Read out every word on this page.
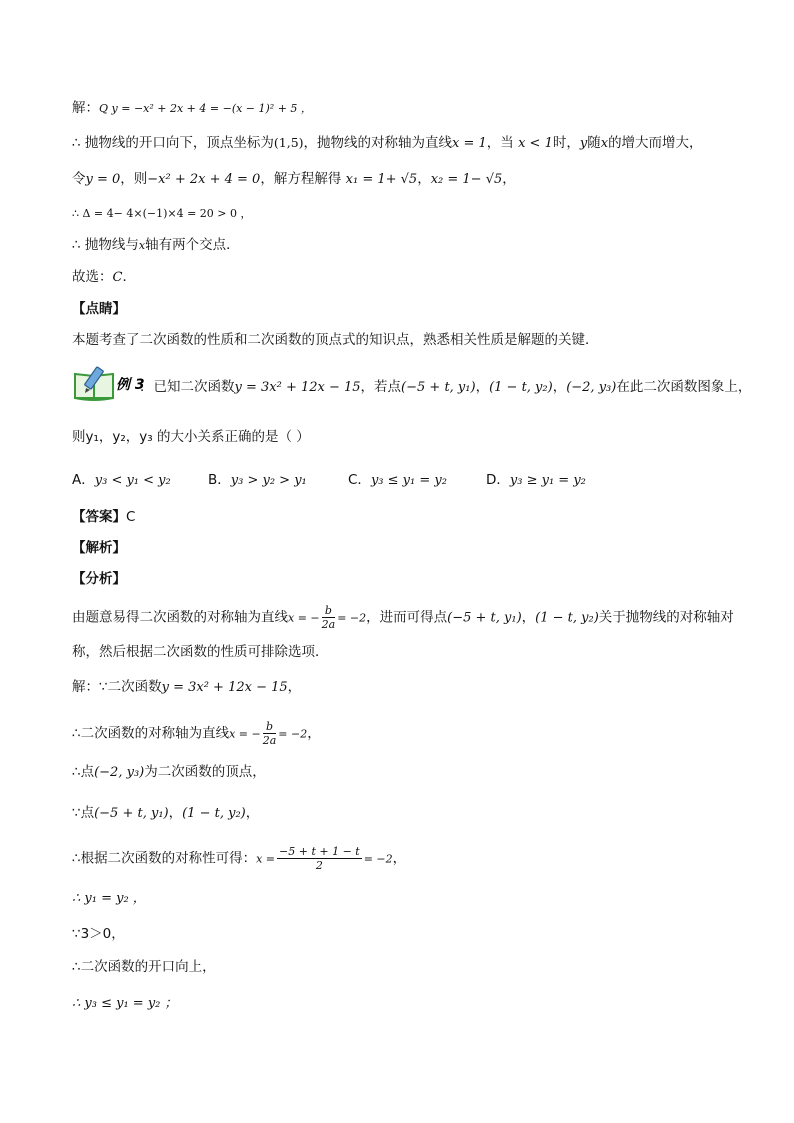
解：Q y = −x² + 2x + 4 = −(x − 1)² + 5 ，
∴ 抛物线的开口向下，顶点坐标为(1,5)，抛物线的对称轴为直线x = 1，当 x < 1时，y随x的增大而增大，
令y = 0，则−x² + 2x + 4 = 0，解方程解得 x₁ = 1+ √5，x₂ = 1− √5，
∴ Δ = 4− 4×(−1)×4 = 20 > 0 ，
∴ 抛物线与x轴有两个交点．
故选：C．
【点睛】
本题考查了二次函数的性质和二次函数的顶点式的知识点，熟悉相关性质是解题的关键．
例 3
．已知二次函数y = 3x² + 12x − 15，若点(−5 + t, y₁)，(1 − t, y₂)，(−2, y₃)在此二次函数图象上，
则y₁，y₂，y₃ 的大小关系正确的是（ ）
A．y₃ < y₁ < y₂	B．y₃ > y₂ > y₁	C．y₃ ≤ y₁ = y₂	D．y₃ ≥ y₁ = y₂
【答案】C
【解析】
【分析】
由题意易得二次函数的对称轴为直线x = − $\frac{b}{2a} = -2$，进而可得点(−5 + t, y₁)，(1 − t, y₂)关于抛物线的对称轴对
称，然后根据二次函数的性质可排除选项．
解：∵二次函数y = 3x² + 12x − 15，
∴二次函数的对称轴为直线x = − $\frac{b}{2a} = -2$，
∴点(−2, y₃)为二次函数的顶点，
∵点(−5 + t, y₁)，(1 − t, y₂)，
∴根据二次函数的对称性可得：$x = \frac{-5 + t + 1 - t}{2} = -2$，
∴ y₁ = y₂ ，
∵3＞0，
∴二次函数的开口向上，
∴ y₃ ≤ y₁ = y₂ ；
